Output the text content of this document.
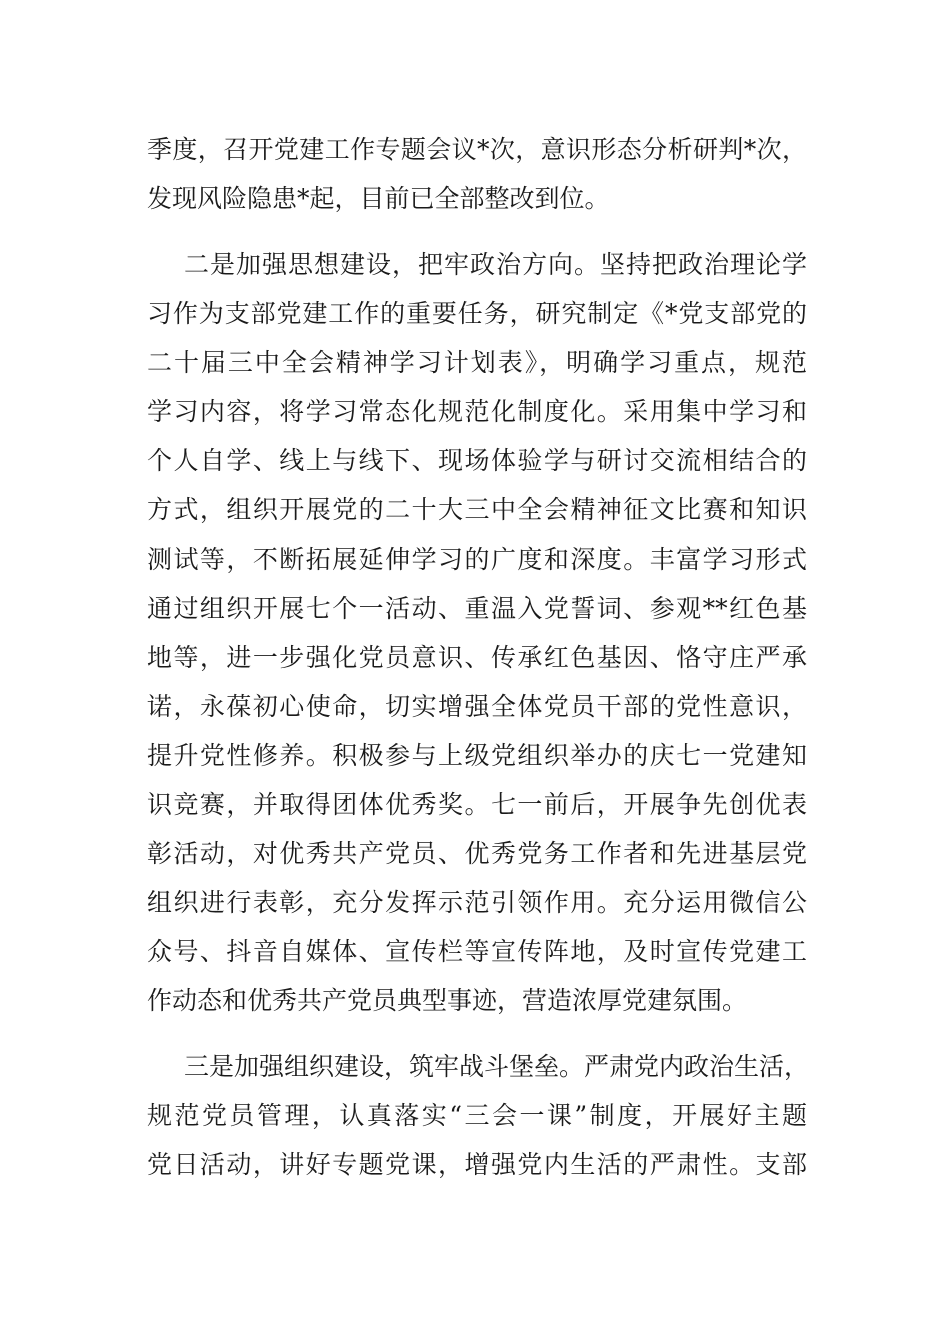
季度，召开党建工作专题会议*次，意识形态分析研判*次，
发现风险隐患*起，目前已全部整改到位。
二是加强思想建设，把牢政治方向。坚持把政治理论学
习作为支部党建工作的重要任务，研究制定《*党支部党的
二十届三中全会精神学习计划表》，明确学习重点，规范
学习内容，将学习常态化规范化制度化。采用集中学习和
个人自学、线上与线下、现场体验学与研讨交流相结合的
方式，组织开展党的二十大三中全会精神征文比赛和知识
测试等，不断拓展延伸学习的广度和深度。丰富学习形式
通过组织开展七个一活动、重温入党誓词、参观**红色基
地等，进一步强化党员意识、传承红色基因、恪守庄严承
诺，永葆初心使命，切实增强全体党员干部的党性意识，
提升党性修养。积极参与上级党组织举办的庆七一党建知
识竞赛，并取得团体优秀奖。七一前后，开展争先创优表
彰活动，对优秀共产党员、优秀党务工作者和先进基层党
组织进行表彰，充分发挥示范引领作用。充分运用微信公
众号、抖音自媒体、宣传栏等宣传阵地，及时宣传党建工
作动态和优秀共产党员典型事迹，营造浓厚党建氛围。
三是加强组织建设，筑牢战斗堡垒。严肃党内政治生活，
规范党员管理，认真落实“三会一课”制度，开展好主题
党日活动，讲好专题党课，增强党内生活的严肃性。支部
